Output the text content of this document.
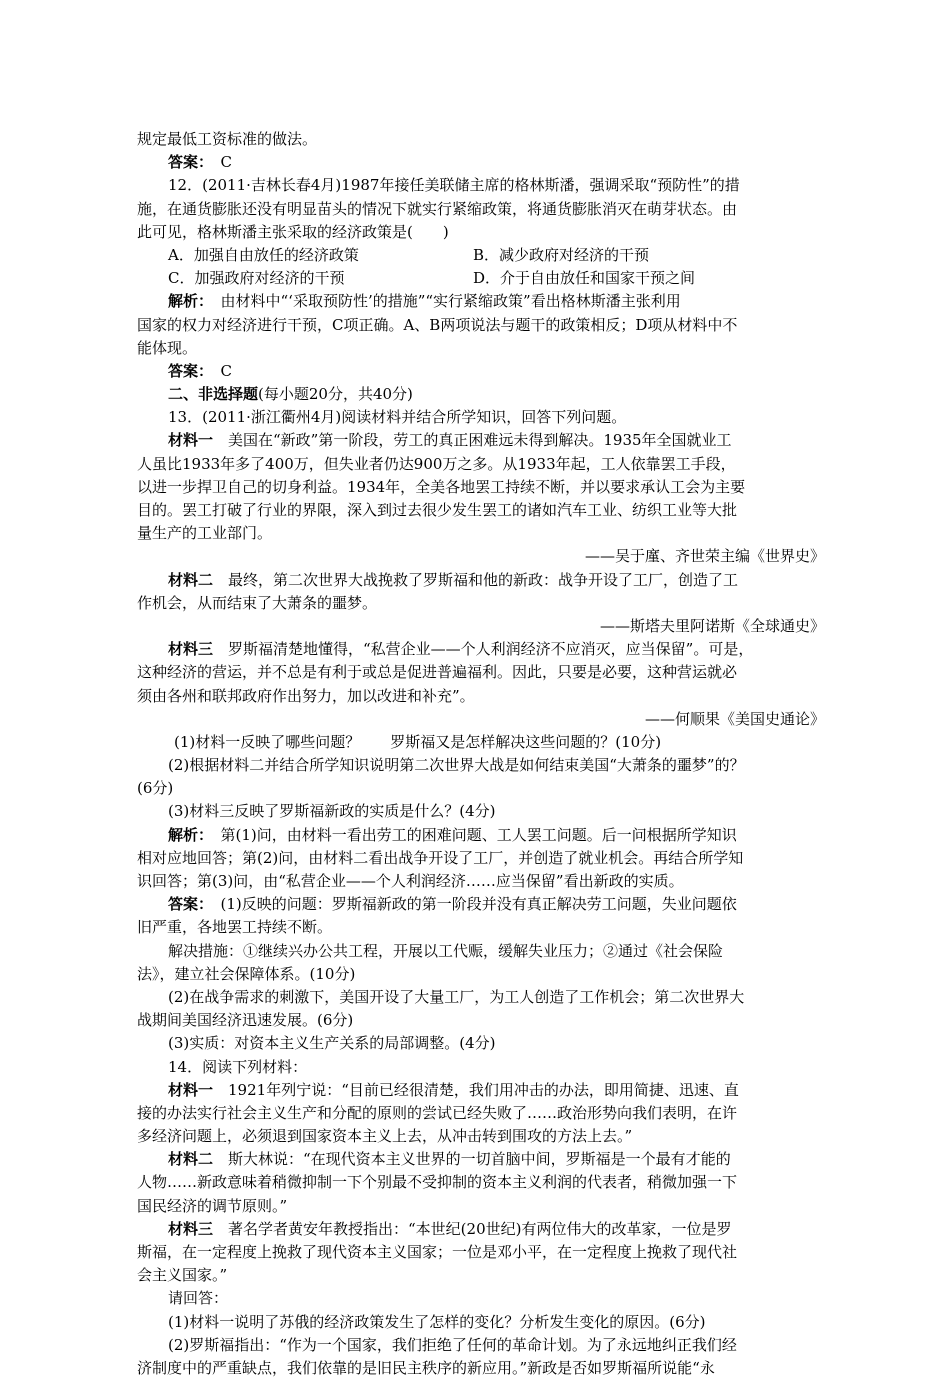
规定最低工资标准的做法。
答案：　C
12．(2011·吉林长春4月)1987年接任美联储主席的格林斯潘，强调采取“预防性”的措
施，在通货膨胀还没有明显苗头的情况下就实行紧缩政策，将通货膨胀消灭在萌芽状态。由
此可见，格林斯潘主张采取的经济政策是(　　)
A．加强自由放任的经济政策	B．减少政府对经济的干预
C．加强政府对经济的干预	D．介于自由放任和国家干预之间
解析：　由材料中“‘采取预防性’的措施”“实行紧缩政策”看出格林斯潘主张利用
国家的权力对经济进行干预，C项正确。A、B两项说法与题干的政策相反；D项从材料中不
能体现。
答案：　C
二、非选择题(每小题20分，共40分)
13．(2011·浙江衢州4月)阅读材料并结合所学知识，回答下列问题。
材料一　美国在“新政”第一阶段，劳工的真正困难远未得到解决。1935年全国就业工
人虽比1933年多了400万，但失业者仍达900万之多。从1933年起，工人依靠罢工手段，
以进一步捍卫自己的切身利益。1934年，全美各地罢工持续不断，并以要求承认工会为主要
目的。罢工打破了行业的界限，深入到过去很少发生罢工的诸如汽车工业、纺织工业等大批
量生产的工业部门。
——吴于廑、齐世荣主编《世界史》
材料二　最终，第二次世界大战挽救了罗斯福和他的新政：战争开设了工厂，创造了工
作机会，从而结束了大萧条的噩梦。
——斯塔夫里阿诺斯《全球通史》
材料三　罗斯福清楚地懂得，“私营企业——个人利润经济不应消灭，应当保留”。可是，
这种经济的营运，并不总是有利于或总是促进普遍福利。因此，只要是必要，这种营运就必
须由各州和联邦政府作出努力，加以改进和补充”。
——何顺果《美国史通论》
(1)材料一反映了哪些问题？　　罗斯福又是怎样解决这些问题的？(10分)
(2)根据材料二并结合所学知识说明第二次世界大战是如何结束美国“大萧条的噩梦”的？
(6分)
(3)材料三反映了罗斯福新政的实质是什么？(4分)
解析：　第(1)问，由材料一看出劳工的困难问题、工人罢工问题。后一问根据所学知识
相对应地回答；第(2)问，由材料二看出战争开设了工厂，并创造了就业机会。再结合所学知
识回答；第(3)问，由“私营企业——个人利润经济……应当保留”看出新政的实质。
答案：　(1)反映的问题：罗斯福新政的第一阶段并没有真正解决劳工问题，失业问题依
旧严重，各地罢工持续不断。
解决措施：①继续兴办公共工程，开展以工代赈，缓解失业压力；②通过《社会保险
法》，建立社会保障体系。(10分)
(2)在战争需求的刺激下，美国开设了大量工厂，为工人创造了工作机会；第二次世界大
战期间美国经济迅速发展。(6分)
(3)实质：对资本主义生产关系的局部调整。(4分)
14．阅读下列材料：
材料一　1921年列宁说：“目前已经很清楚，我们用冲击的办法，即用简捷、迅速、直
接的办法实行社会主义生产和分配的原则的尝试已经失败了……政治形势向我们表明，在许
多经济问题上，必须退到国家资本主义上去，从冲击转到围攻的方法上去。”
材料二　斯大林说：“在现代资本主义世界的一切首脑中间，罗斯福是一个最有才能的
人物……新政意味着稍微抑制一下个别最不受抑制的资本主义利润的代表者，稍微加强一下
国民经济的调节原则。”
材料三　著名学者黄安年教授指出：“本世纪(20世纪)有两位伟大的改革家，一位是罗
斯福，在一定程度上挽救了现代资本主义国家；一位是邓小平，在一定程度上挽救了现代社
会主义国家。”
请回答：
(1)材料一说明了苏俄的经济政策发生了怎样的变化？分析发生变化的原因。(6分)
(2)罗斯福指出：“作为一个国家，我们拒绝了任何的革命计划。为了永远地纠正我们经
济制度中的严重缺点，我们依靠的是旧民主秩序的新应用。”新政是否如罗斯福所说能“永
